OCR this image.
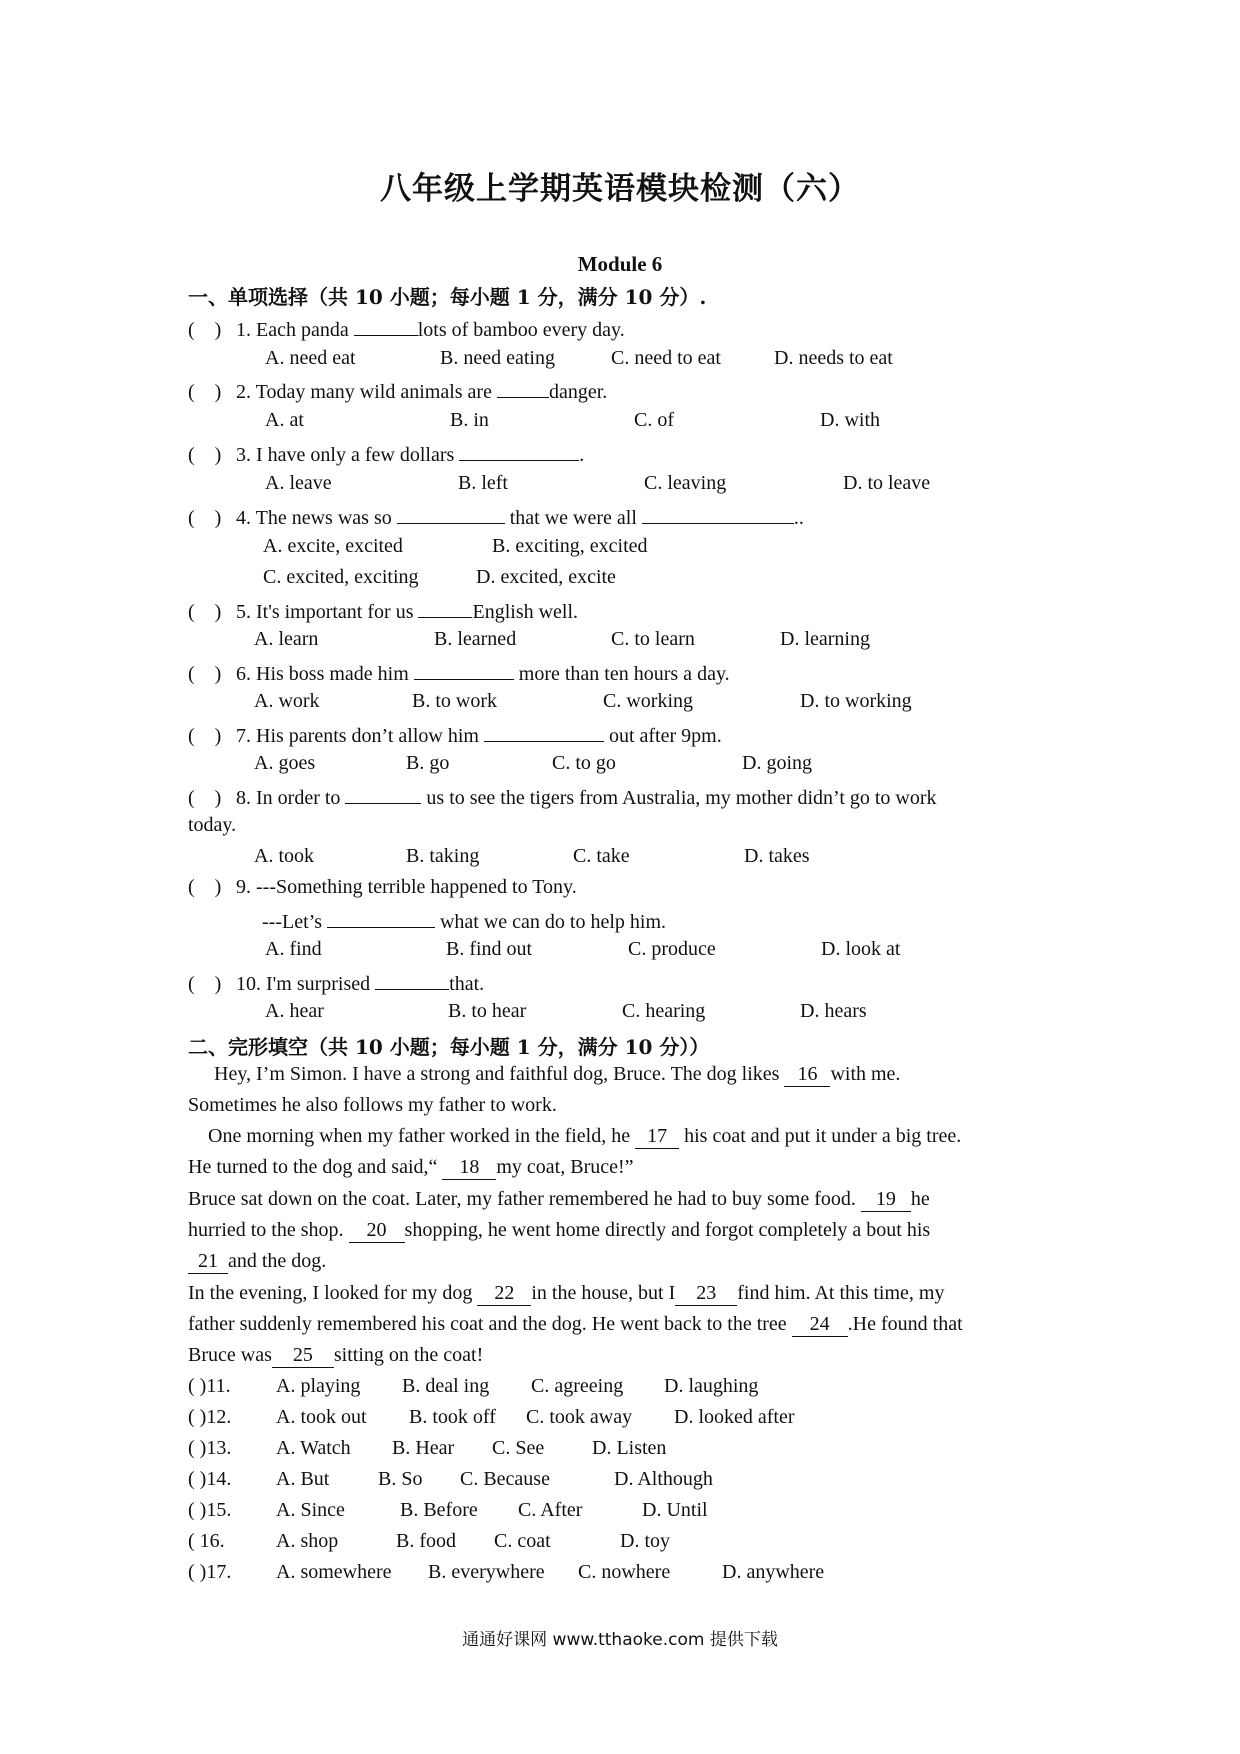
八年级上学期英语模块检测（六）
Module 6
一、单项选择（共 10 小题；每小题 1 分，满分 10 分）.
(    ) 1. Each panda	lots of bamboo every day.
A. need eat	B. need eating	C. need to eat	D. needs to eat
(    ) 2. Today many wild animals are	danger.
A. at	B. in	C. of	D. with
(    ) 3. I have only a few dollars	.
A. leave	B. left	C. leaving	D. to leave
(    ) 4. The news was so	that we were all	..
A. excite, excited	B. exciting, excited
C. excited, exciting	D. excited, excite
(    ) 5. It's important for us	English well.
A. learn	B. learned	C. to learn	D. learning
(    ) 6. His boss made him	more than ten hours a day.
A. work	B. to work	C. working	D. to working
(    ) 7. His parents don’t allow him	out after 9pm.
A. goes	B. go	C. to go	D. going
(    ) 8. In order to	us to see the tigers from Australia, my mother didn’t go to work
today.
A. took	B. taking	C. take	D. takes
(    ) 9. ---Something terrible happened to Tony.
---Let’s	what we can do to help him.
A. find	B. find out	C. produce	D. look at
(    ) 10. I'm surprised	that.
A. hear	B. to hear	C. hearing	D. hears
二、完形填空（共 10 小题；每小题 1 分，满分 10 分））
Hey, I’m Simon. I have a strong and faithful dog, Bruce. The dog likes 16 with me.
Sometimes he also follows my father to work.
One morning when my father worked in the field, he 17 his coat and put it under a big tree.
He turned to the dog and said,“ 18 my coat, Bruce!”
Bruce sat down on the coat. Later, my father remembered he had to buy some food. 19 he
hurried to the shop. 20 shopping, he went home directly and forgot completely a bout his
21 and the dog.
In the evening, I looked for my dog 22 in the house, but I 23 find him. At this time, my
father suddenly remembered his coat and the dog. He went back to the tree 24 .He found that
Bruce was 25 sitting on the coat!
( )11. A. playing B. deal ing C. agreeing D. laughing
( )12. A. took out B. took off C. took away D. looked after
( )13. A. Watch B. Hear C. See D. Listen
( )14. A. But B. So C. Because	D. Although
( )15. A. Since	B. Before C. After	D. Until
( 16.	A. shop	B. food C. coat	D. toy
( )17. A. somewhere B. everywhere C. nowhere	D. anywhere
通通好课网 www.tthaoke.com 提供下载
